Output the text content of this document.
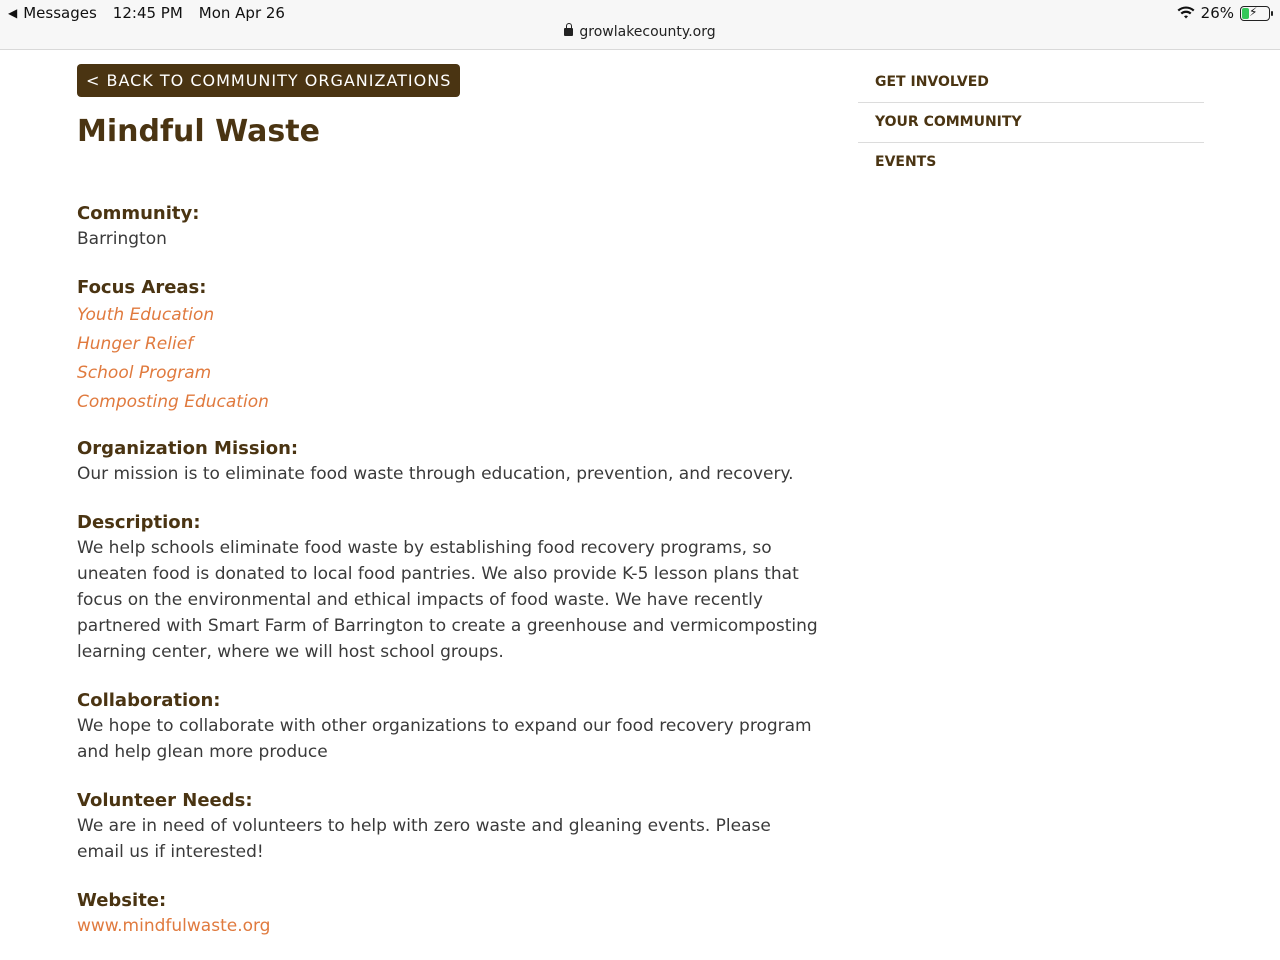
◀ Messages 12:45 PM Mon Apr 26	26% ⚡
growlakecounty.org
< BACK TO COMMUNITY ORGANIZATIONS
Mindful Waste
Community:
Barrington
Focus Areas:
Youth Education
Hunger Relief
School Program
Composting Education
Organization Mission:
Our mission is to eliminate food waste through education, prevention, and recovery.
Description:
We help schools eliminate food waste by establishing food recovery programs, so uneaten food is donated to local food pantries. We also provide K-5 lesson plans that focus on the environmental and ethical impacts of food waste. We have recently partnered with Smart Farm of Barrington to create a greenhouse and vermicomposting learning center, where we will host school groups.
Collaboration:
We hope to collaborate with other organizations to expand our food recovery program and help glean more produce
Volunteer Needs:
We are in need of volunteers to help with zero waste and gleaning events. Please email us if interested!
Website:
www.mindfulwaste.org
GET INVOLVED
YOUR COMMUNITY
EVENTS
